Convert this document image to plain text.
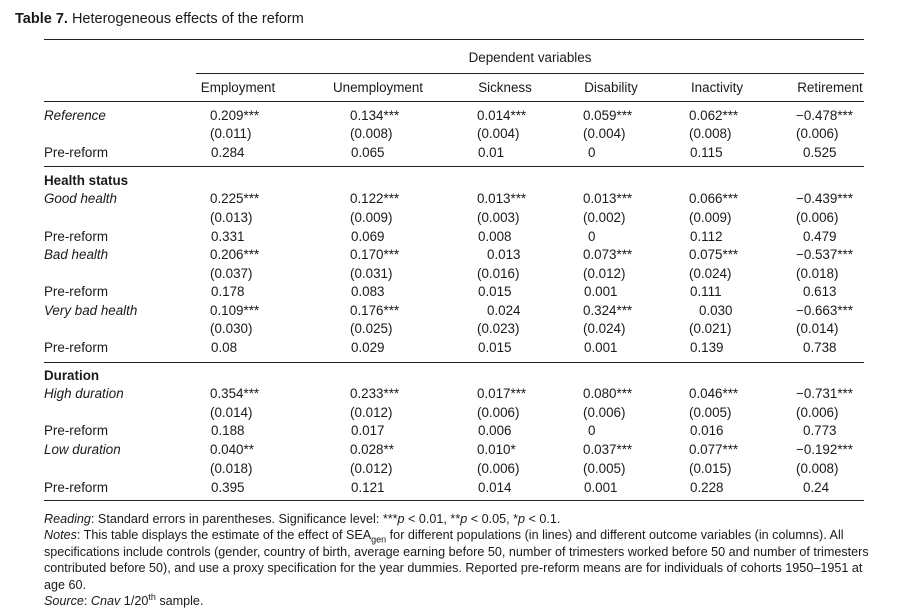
Table 7. Heterogeneous effects of the reform
Dependent variables
Employment	Unemployment	Sickness	Disability	Inactivity	Retirement
Reference	0.209***	0.134***	0.014***	0.059***	0.062***	−0.478***
(0.011)	(0.008)	(0.004)	(0.004)	(0.008)	(0.006)
Pre-reform	0.284	0.065	0.01	0	0.115	0.525
Health status
Good health	0.225***	0.122***	0.013***	0.013***	0.066***	−0.439***
(0.013)	(0.009)	(0.003)	(0.002)	(0.009)	(0.006)
Pre-reform	0.331	0.069	0.008	0	0.112	0.479
Bad health	0.206***	0.170***	0.013	0.073***	0.075***	−0.537***
(0.037)	(0.031)	(0.016)	(0.012)	(0.024)	(0.018)
Pre-reform	0.178	0.083	0.015	0.001	0.111	0.613
Very bad health	0.109***	0.176***	0.024	0.324***	0.030	−0.663***
(0.030)	(0.025)	(0.023)	(0.024)	(0.021)	(0.014)
Pre-reform	0.08	0.029	0.015	0.001	0.139	0.738
Duration
High duration	0.354***	0.233***	0.017***	0.080***	0.046***	−0.731***
(0.014)	(0.012)	(0.006)	(0.006)	(0.005)	(0.006)
Pre-reform	0.188	0.017	0.006	0	0.016	0.773
Low duration	0.040**	0.028**	0.010*	0.037***	0.077***	−0.192***
(0.018)	(0.012)	(0.006)	(0.005)	(0.015)	(0.008)
Pre-reform	0.395	0.121	0.014	0.001	0.228	0.24

Reading: Standard errors in parentheses. Significance level: ***p < 0.01, **p < 0.05, *p < 0.1.

Notes: This table displays the estimate of the effect of $SEA_{gen}$ for different populations (in lines) and different outcome variables (in columns). All specifications include controls (gender, country of birth, average earning before 50, number of trimesters worked before 50 and number of trimesters contributed before 50), and use a proxy specification for the year dummies. Reported pre-reform means are for individuals of cohorts 1950–1951 at age 60.

Source: Cnav 1/20th sample.
